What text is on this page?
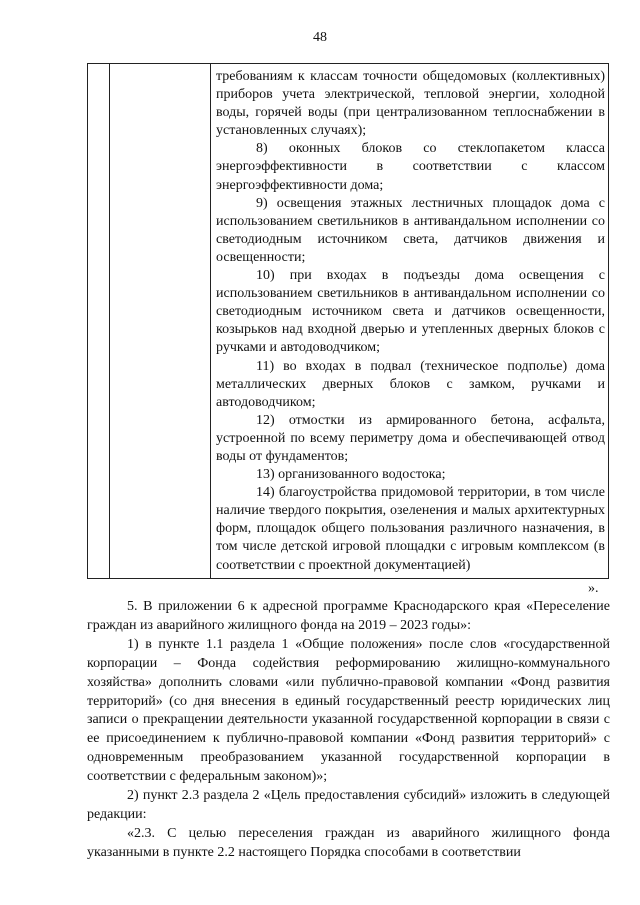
48

требованиям к классам точности общедомовых (коллективных) приборов учета электрической, тепловой энергии, холодной воды, горячей воды (при централизованном теплоснабжении в установленных случаях);

8) оконных блоков со стеклопакетом класса энергоэффективности в соответствии с классом энергоэффективности дома;

9) освещения этажных лестничных площадок дома с использованием светильников в антивандальном исполнении со светодиодным источником света, датчиков движения и освещенности;

10) при входах в подъезды дома освещения с использованием светильников в антивандальном исполнении со светодиодным источником света и датчиков освещенности, козырьков над входной дверью и утепленных дверных блоков с ручками и автодоводчиком;

11) во входах в подвал (техническое подполье) дома металлических дверных блоков с замком, ручками и автодоводчиком;

12) отмостки из армированного бетона, асфальта, устроенной по всему периметру дома и обеспечивающей отвод воды от фундаментов;

13) организованного водостока;

14) благоустройства придомовой территории, в том числе наличие твердого покрытия, озеленения и малых архитектурных форм, площадок общего пользования различного назначения, в том числе детской игровой площадки с игровым комплексом (в соответствии с проектной документацией)

».

5. В приложении 6 к адресной программе Краснодарского края «Переселение граждан из аварийного жилищного фонда на 2019 – 2023 годы»:

1) в пункте 1.1 раздела 1 «Общие положения» после слов «государственной корпорации – Фонда содействия реформированию жилищно-коммунального хозяйства» дополнить словами «или публично-правовой компании «Фонд развития территорий» (со дня внесения в единый государственный реестр юридических лиц записи о прекращении деятельности указанной государственной корпорации в связи с ее присоединением к публично-правовой компании «Фонд развития территорий» с одновременным преобразованием указанной государственной корпорации в соответствии с федеральным законом)»;

2) пункт 2.3 раздела 2 «Цель предоставления субсидий» изложить в следующей редакции:

«2.3. С целью переселения граждан из аварийного жилищного фонда указанными в пункте 2.2 настоящего Порядка способами в соответствии
